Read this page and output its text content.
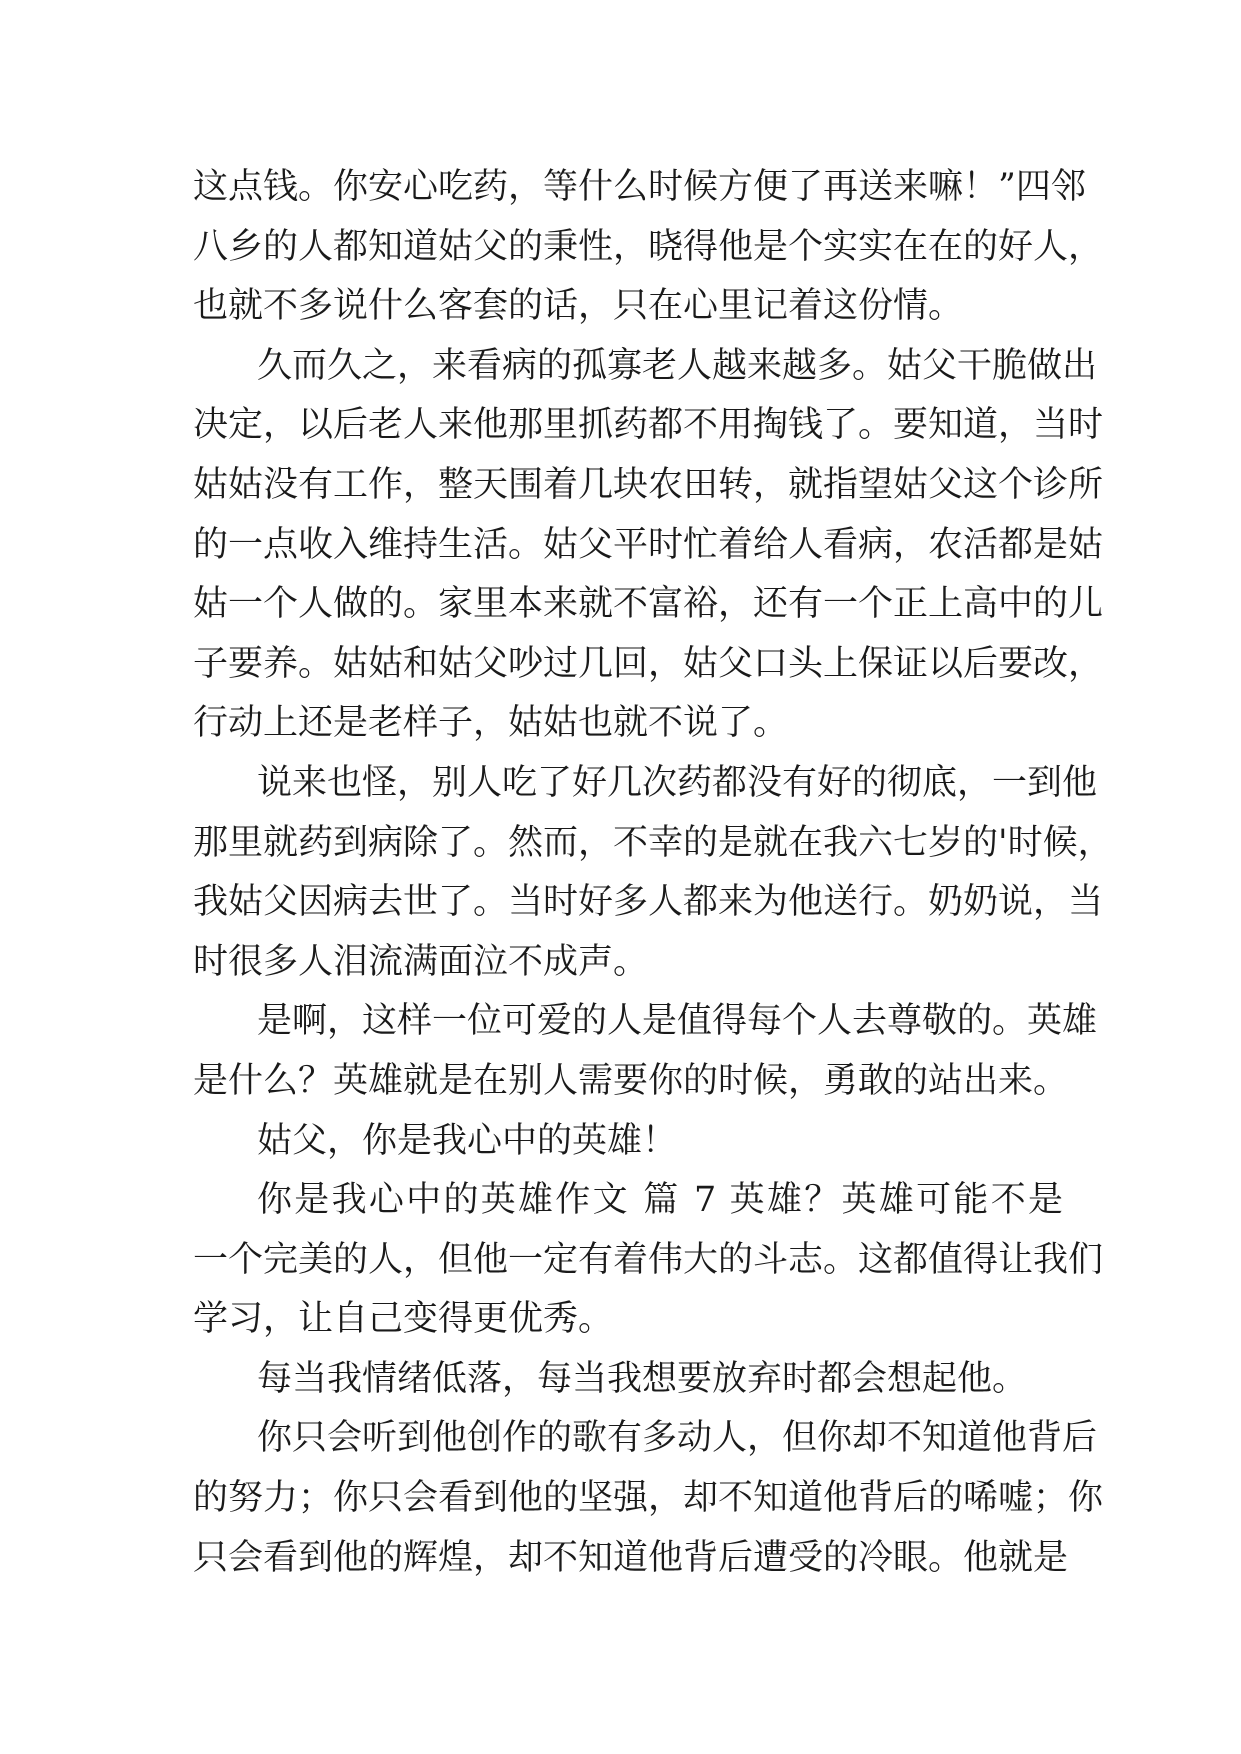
这点钱。你安心吃药，等什么时候方便了再送来嘛！”四邻
八乡的人都知道姑父的秉性，晓得他是个实实在在的好人，
也就不多说什么客套的话，只在心里记着这份情。
久而久之，来看病的孤寡老人越来越多。姑父干脆做出
决定，以后老人来他那里抓药都不用掏钱了。要知道，当时
姑姑没有工作，整天围着几块农田转，就指望姑父这个诊所
的一点收入维持生活。姑父平时忙着给人看病，农活都是姑
姑一个人做的。家里本来就不富裕，还有一个正上高中的儿
子要养。姑姑和姑父吵过几回，姑父口头上保证以后要改，
行动上还是老样子，姑姑也就不说了。
说来也怪，别人吃了好几次药都没有好的彻底，一到他
那里就药到病除了。然而，不幸的是就在我六七岁的'时候，
我姑父因病去世了。当时好多人都来为他送行。奶奶说，当
时很多人泪流满面泣不成声。
是啊，这样一位可爱的人是值得每个人去尊敬的。英雄
是什么？英雄就是在别人需要你的时候，勇敢的站出来。
姑父，你是我心中的英雄！
你是我心中的英雄作文 篇 7 英雄？英雄可能不是
一个完美的人，但他一定有着伟大的斗志。这都值得让我们
学习，让自己变得更优秀。
每当我情绪低落，每当我想要放弃时都会想起他。
你只会听到他创作的歌有多动人，但你却不知道他背后
的努力；你只会看到他的坚强，却不知道他背后的唏嘘；你
只会看到他的辉煌，却不知道他背后遭受的冷眼。他就是
